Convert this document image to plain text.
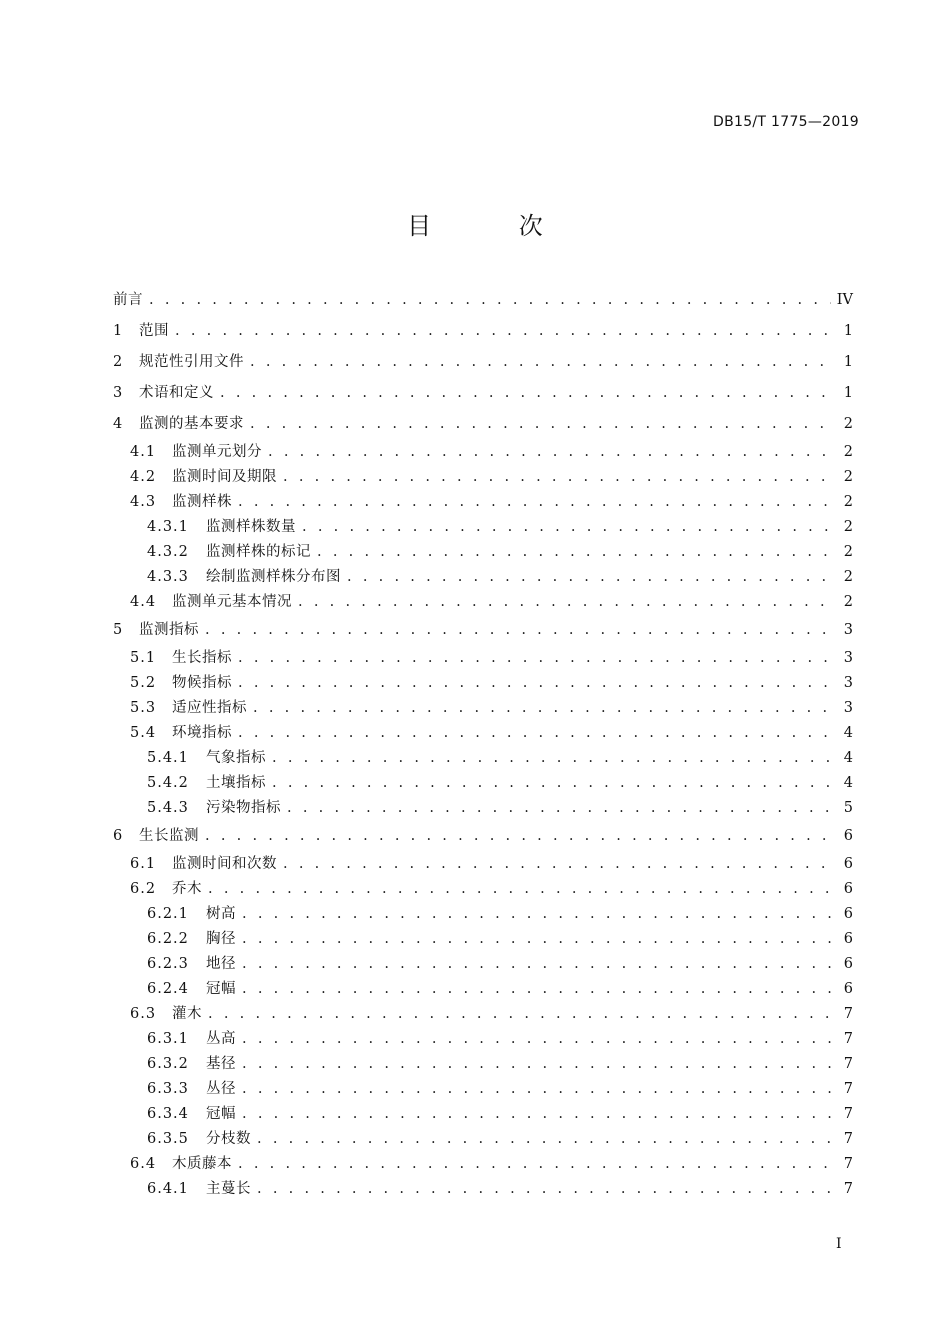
DB15/T 1775—2019
目 次
前言 . . .	IV
1	范围 . . .	1
2	规范性引用文件 . . .	1
3	术语和定义 . . .	1
4	监测的基本要求 . . .	2
4.1	监测单元划分 . . .	2
4.2	监测时间及期限 . . .	2
4.3	监测样株 . . .	2
4.3.1	监测样株数量 . . .	2
4.3.2	监测样株的标记 . . .	2
4.3.3	绘制监测样株分布图 . . .	2
4.4	监测单元基本情况 . . .	2
5	监测指标 . . .	3
5.1	生长指标 . . .	3
5.2	物候指标 . . .	3
5.3	适应性指标 . . .	3
5.4	环境指标 . . .	4
5.4.1	气象指标 . . .	4
5.4.2	土壤指标 . . .	4
5.4.3	污染物指标 . . .	5
6	生长监测 . . .	6
6.1	监测时间和次数 . . .	6
6.2	乔木 . . .	6
6.2.1	树高 . . .	6
6.2.2	胸径 . . .	6
6.2.3	地径 . . .	6
6.2.4	冠幅 . . .	6
6.3	灌木 . . .	7
6.3.1	丛高 . . .	7
6.3.2	基径 . . .	7
6.3.3	丛径 . . .	7
6.3.4	冠幅 . . .	7
6.3.5	分枝数 . . .	7
6.4	木质藤本 . . .	7
6.4.1	主蔓长 . . .	7
I
